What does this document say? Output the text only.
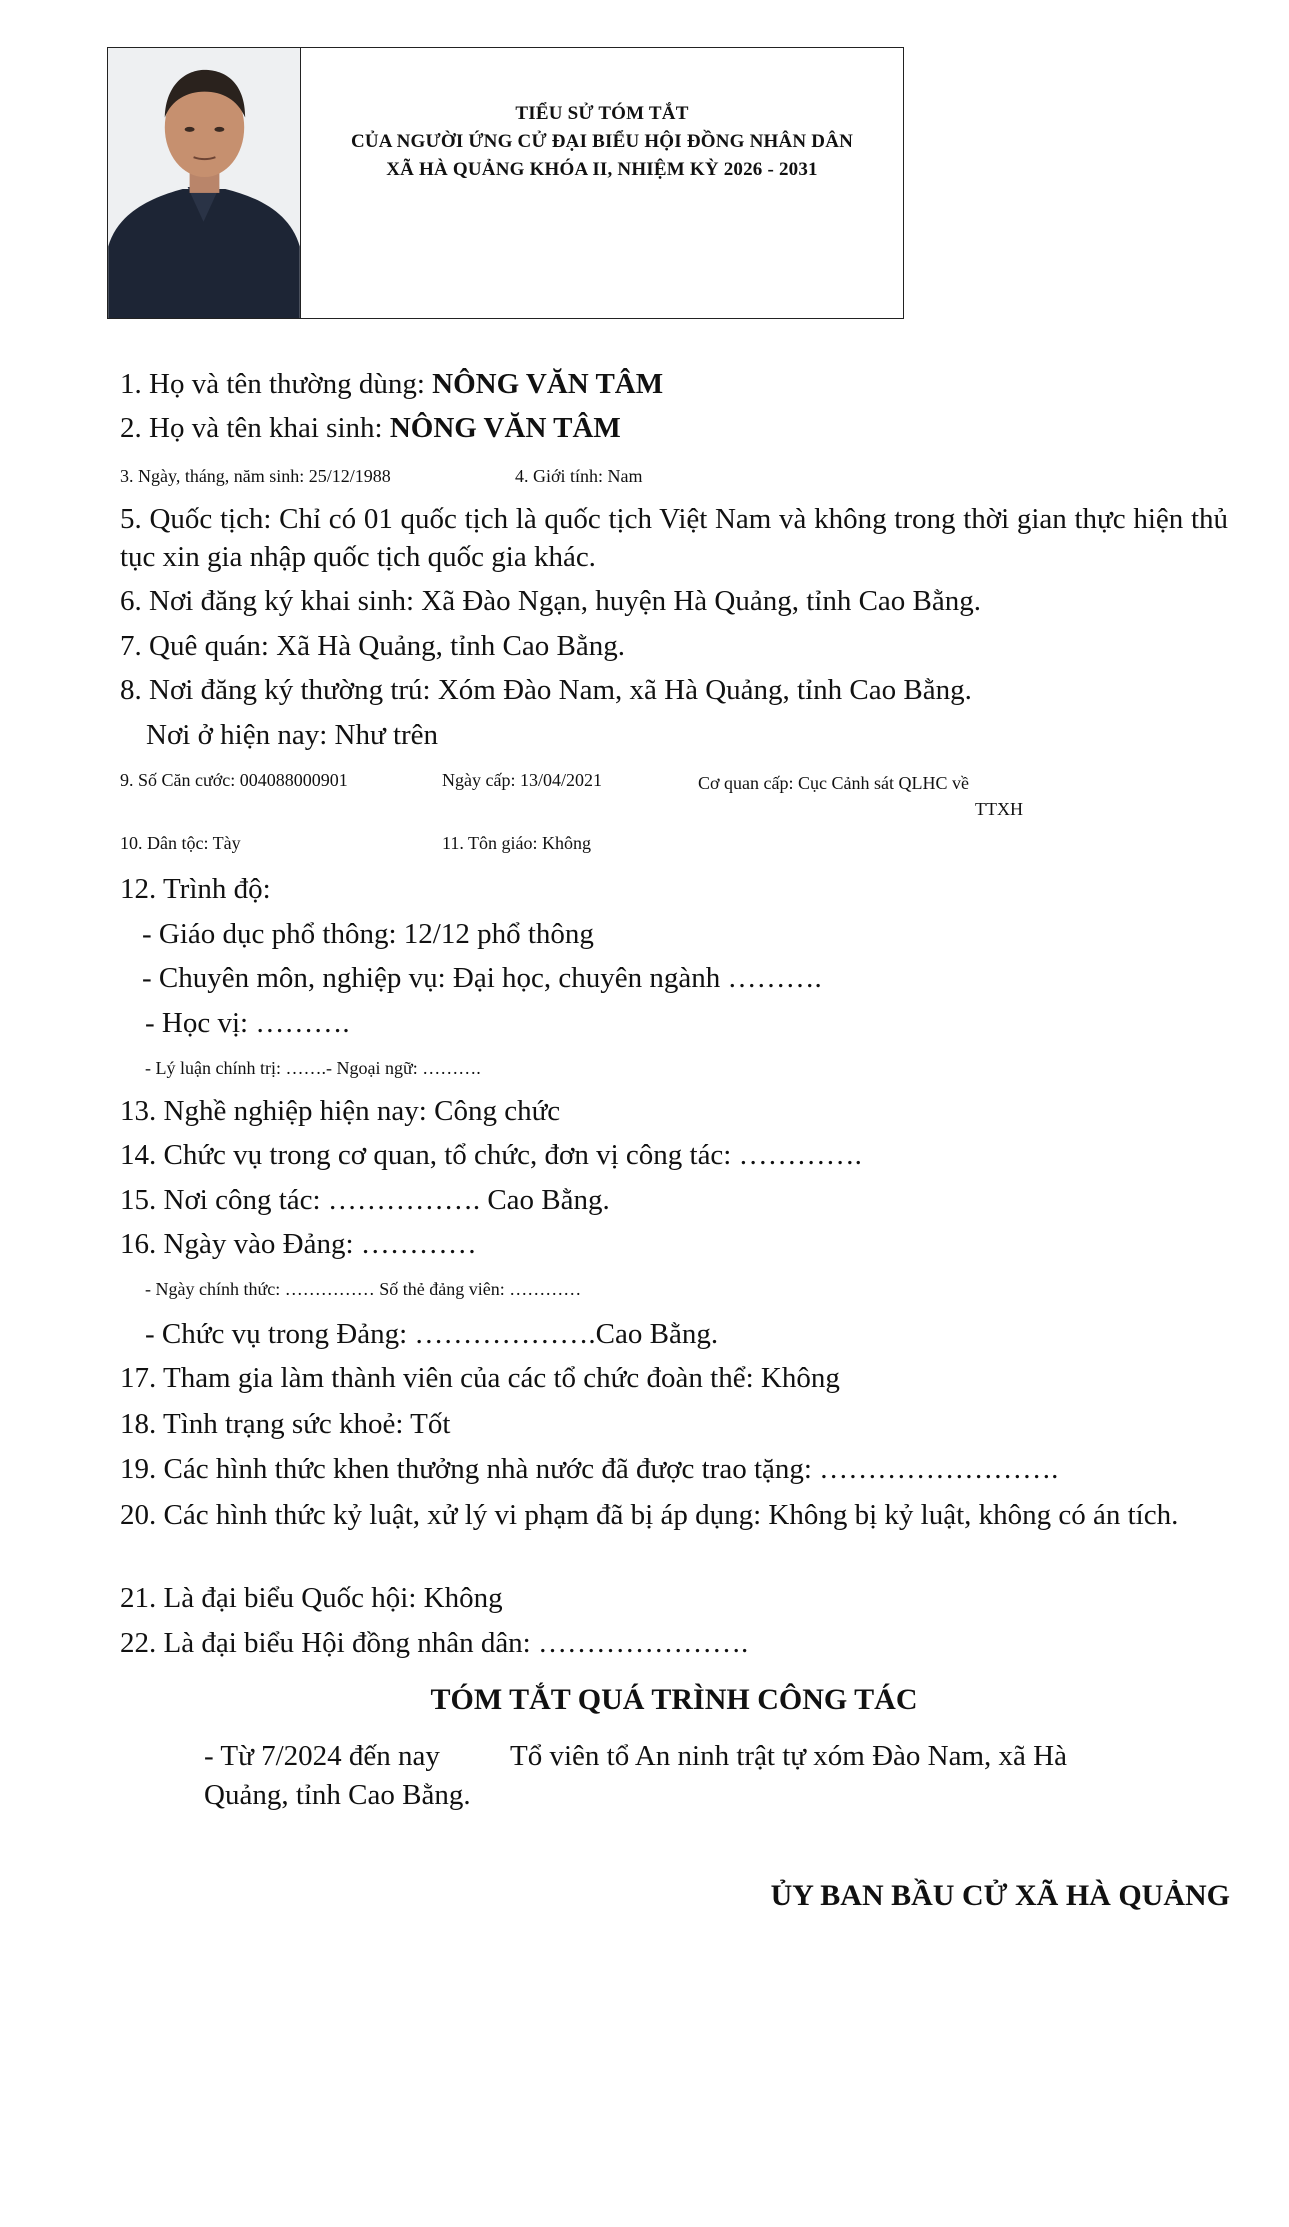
TIỂU SỬ TÓM TẮT
CỦA NGƯỜI ỨNG CỬ ĐẠI BIỂU HỘI ĐỒNG NHÂN DÂN
XÃ HÀ QUẢNG KHÓA II, NHIỆM KỲ 2026 - 2031
1. Họ và tên thường dùng: NÔNG VĂN TÂM
2. Họ và tên khai sinh: NÔNG VĂN TÂM
3. Ngày, tháng, năm sinh: 25/12/1988	4. Giới tính: Nam
5. Quốc tịch: Chỉ có 01 quốc tịch là quốc tịch Việt Nam và không trong thời gian thực hiện thủ tục xin gia nhập quốc tịch quốc gia khác.
6. Nơi đăng ký khai sinh: Xã Đào Ngạn, huyện Hà Quảng, tỉnh Cao Bằng.
7. Quê quán: Xã Hà Quảng, tỉnh Cao Bằng.
8. Nơi đăng ký thường trú: Xóm Đào Nam, xã Hà Quảng, tỉnh Cao Bằng.
Nơi ở hiện nay: Như trên
9. Số Căn cước: 004088000901	Ngày cấp: 13/04/2021	Cơ quan cấp: Cục Cảnh sát QLHC về
TTXH
10. Dân tộc: Tày	11. Tôn giáo: Không
12. Trình độ:
- Giáo dục phổ thông: 12/12 phổ thông
- Chuyên môn, nghiệp vụ: Đại học, chuyên ngành ……….
- Học vị: ……….
- Lý luận chính trị: …….- Ngoại ngữ: ……….
13. Nghề nghiệp hiện nay: Công chức
14. Chức vụ trong cơ quan, tổ chức, đơn vị công tác: ………….
15. Nơi công tác: ……………. Cao Bằng.
16. Ngày vào Đảng: …………
- Ngày chính thức: …………… Số thẻ đảng viên: …………
- Chức vụ trong Đảng: ……………….Cao Bằng.
17. Tham gia làm thành viên của các tổ chức đoàn thể: Không
18. Tình trạng sức khoẻ: Tốt
19. Các hình thức khen thưởng nhà nước đã được trao tặng: …………………….
20. Các hình thức kỷ luật, xử lý vi phạm đã bị áp dụng: Không bị kỷ luật, không có án tích.
21. Là đại biểu Quốc hội: Không
22. Là đại biểu Hội đồng nhân dân: ………………….
TÓM TẮT QUÁ TRÌNH CÔNG TÁC
- Từ 7/2024 đến nay Tổ viên tổ An ninh trật tự xóm Đào Nam, xã Hà
Quảng, tỉnh Cao Bằng.
ỦY BAN BẦU CỬ XÃ HÀ QUẢNG
